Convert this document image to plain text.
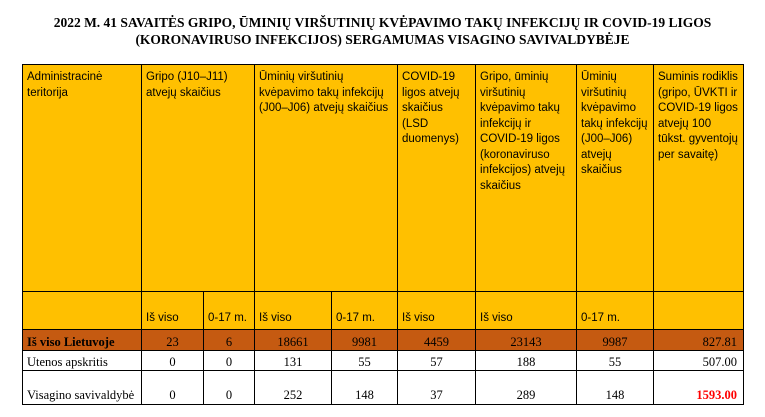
2022 M. 41 SAVAITĖS GRIPO, ŪMINIŲ VIRŠUTINIŲ KVĖPAVIMO TAKŲ INFEKCIJŲ IR COVID-19 LIGOS
(KORONAVIRUSO INFEKCIJOS) SERGAMUMAS VISAGINO SAVIVALDYBĖJE
Administracinė teritorija	Gripo (J10–J11) atvejų skaičius		Ūminių viršutinių kvėpavimo takų infekcijų (J00–J06) atvejų skaičius		COVID-19 ligos atvejų skaičius (LSD duomenys)	Gripo, ūminių viršutinių kvėpavimo takų infekcijų ir COVID-19 ligos (koronaviruso infekcijos) atvejų skaičius	Ūminių viršutinių kvėpavimo takų infekcijų (J00–J06) atvejų skaičius	Suminis rodiklis (gripo, ŪVKTI ir COVID-19 ligos atvejų 100 tūkst. gyventojų per savaitę)
	Iš viso	0-17 m.	Iš viso	0-17 m.	Iš viso	Iš viso	0-17 m.	
Iš viso Lietuvoje	23	6	18661	9981	4459	23143	9987	827.81
Utenos apskritis	0	0	131	55	57	188	55	507.00
Visagino savivaldybė	0	0	252	148	37	289	148	1593.00
